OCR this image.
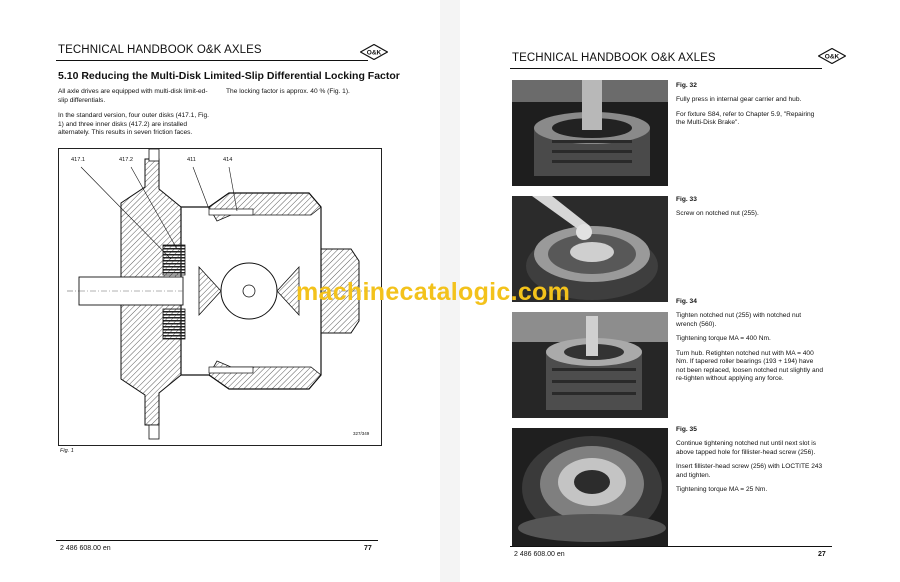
TECHNICAL HANDBOOK O&K AXLES	O&K
5.10 Reducing the Multi-Disk Limited-Slip Differential Locking Factor
All axle drives are equipped with multi-disk limit-ed-slip differentials.
In the standard version, four outer disks (417.1, Fig. 1) and three inner disks (417.2) are installed alternately. This results in seven friction faces.
The locking factor is approx. 40 % (Fig. 1).
417.1	417.2	411	414
327/349
Fig. 1
2 486 608.00 en	77
TECHNICAL HANDBOOK O&K AXLES	O&K
Fig. 32

Fully press in internal gear carrier and hub.

For fixture S84, refer to Chapter 5.9, "Repairing the Multi-Disk Brake".

Fig. 33

Screw on notched nut (255).

Fig. 34

Tighten notched nut (255) with notched nut wrench (560).

Tightening torque MA = 400 Nm.

Turn hub. Retighten notched nut with MA = 400 Nm. If tapered roller bearings (193 + 194) have not been replaced, loosen notched nut slightly and re-tighten without applying any force.

Fig. 35

Continue tightening notched nut until next slot is above tapped hole for fillister-head screw (256).

Insert fillister-head screw (256) with LOCTITE 243 and tighten.

Tightening torque MA = 25 Nm.

2 486 608.00 en	27
machinecatalogic.com
